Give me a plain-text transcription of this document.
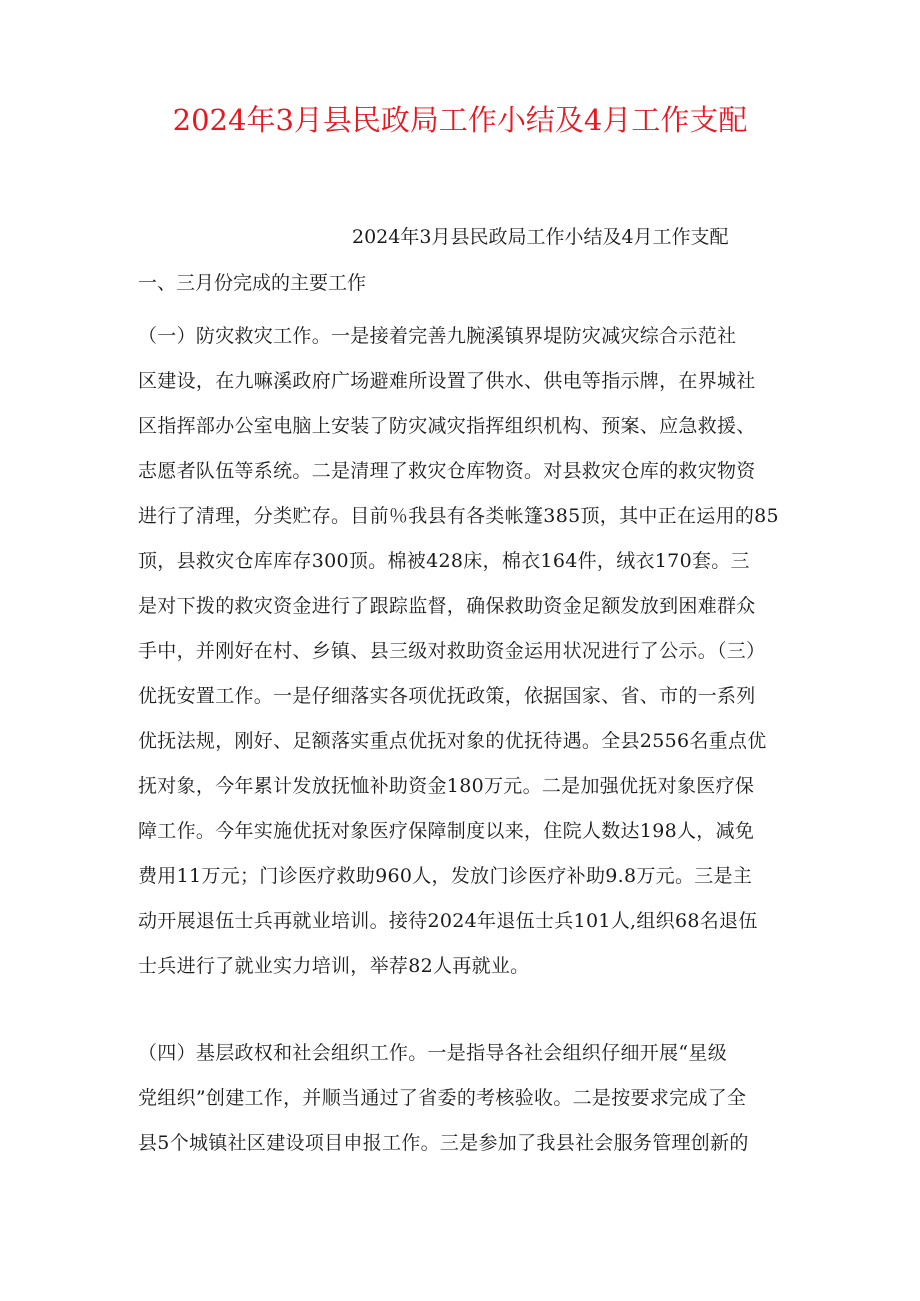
2024年3月县民政局工作小结及4月工作支配

2024年3月县民政局工作小结及4月工作支配

一、三月份完成的主要工作

（一）防灾救灾工作。一是接着完善九腕溪镇界堤防灾减灾综合示范社
区建设，在九嘛溪政府广场避难所设置了供水、供电等指示牌，在界城社
区指挥部办公室电脑上安装了防灾减灾指挥组织机构、预案、应急救援、
志愿者队伍等系统。二是清理了救灾仓库物资。对县救灾仓库的救灾物资
进行了清理，分类贮存。目前％我县有各类帐篷385顶，其中正在运用的85
顶，县救灾仓库库存300顶。棉被428床，棉衣164件，绒衣170套。三
是对下拨的救灾资金进行了跟踪监督，确保救助资金足额发放到困难群众
手中，并刚好在村、乡镇、县三级对救助资金运用状况进行了公示。（三）
优抚安置工作。一是仔细落实各项优抚政策，依据国家、省、市的一系列
优抚法规，刚好、足额落实重点优抚对象的优抚待遇。全县2556名重点优
抚对象，今年累计发放抚恤补助资金180万元。二是加强优抚对象医疗保
障工作。今年实施优抚对象医疗保障制度以来，住院人数达198人，减免
费用11万元；门诊医疗救助960人，发放门诊医疗补助9.8万元。三是主
动开展退伍士兵再就业培训。接待2024年退伍士兵101人,组织68名退伍
士兵进行了就业实力培训，举荐82人再就业。
（四）基层政权和社会组织工作。一是指导各社会组织仔细开展“星级
党组织”创建工作，并顺当通过了省委的考核验收。二是按要求完成了全
县5个城镇社区建设项目申报工作。三是参加了我县社会服务管理创新的
